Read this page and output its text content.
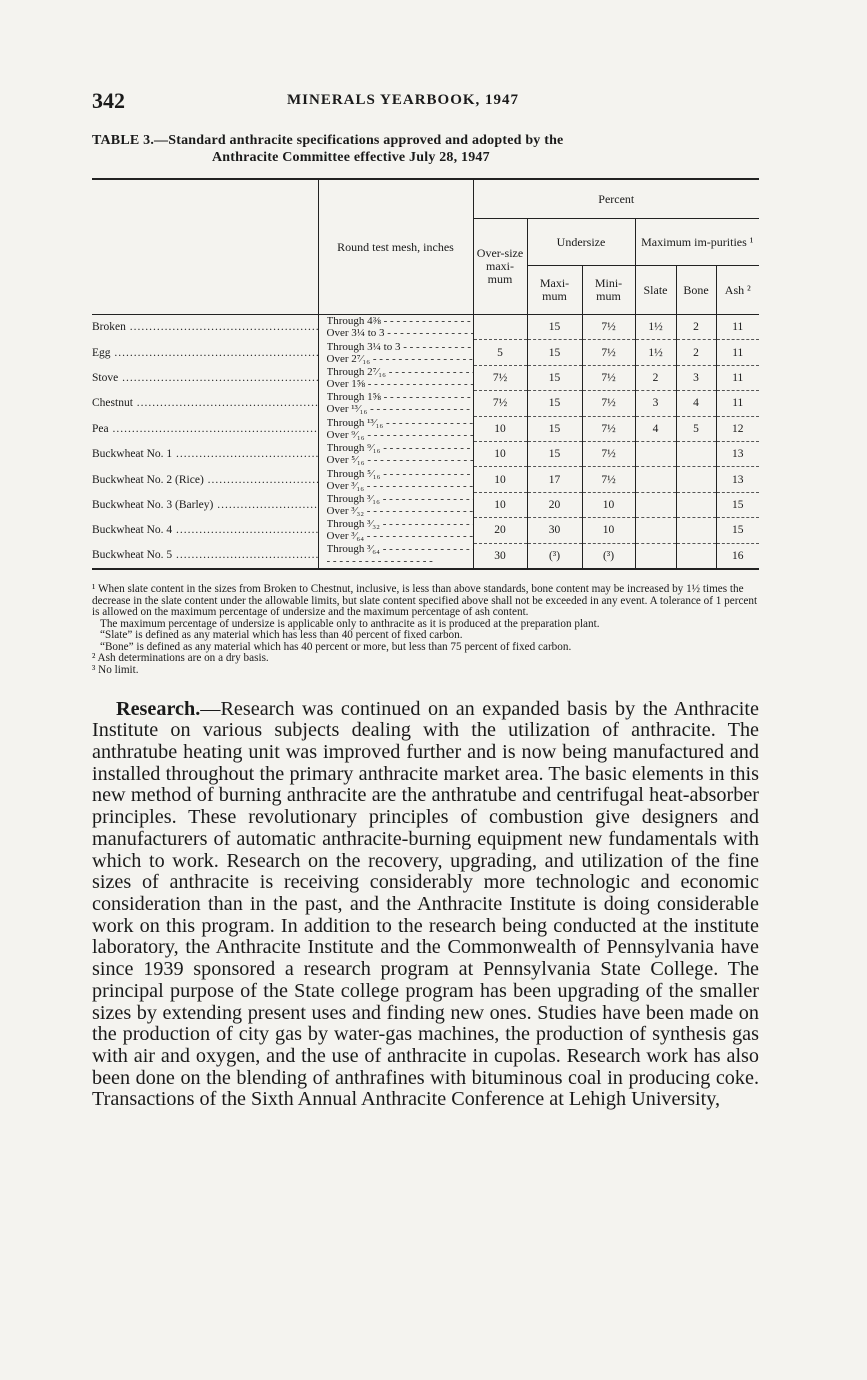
342	MINERALS YEARBOOK, 1947
TABLE 3.—Standard anthracite specifications approved and adopted by the
Anthracite Committee effective July 28, 1947
	Round test mesh, inches	Percent					
		Over-size maxi-mum	Undersize		Maximum im-purities ¹		
			Maxi-mum	Mini-mum	Slate	Bone	Ash ²
Broken .....	Through 4⅜ - - -
Over 3¼ to 3 - - -		15	7½	1½	2	11
Egg .....	Through 3¼ to 3 - - -
Over 2⁷⁄₁₆ - - -	5	15	7½	1½	2	11
Stove .....	Through 2⁷⁄₁₆ - - -
Over 1⅝ - - -	7½	15	7½	2	3	11
Chestnut .....	Through 1⅝ - - -
Over ¹³⁄₁₆ - - -	7½	15	7½	3	4	11
Pea .....	Through ¹³⁄₁₆ - - -
Over ⁹⁄₁₆ - - -	10	15	7½	4	5	12
Buckwheat No. 1 .....	Through ⁹⁄₁₆ - - -
Over ⁵⁄₁₆ - - -	10	15	7½			13
Buckwheat No. 2 (Rice) .....	Through ⁵⁄₁₆ - - -
Over ³⁄₁₆ - - -	10	17	7½			13
Buckwheat No. 3 (Barley) .....	Through ³⁄₁₆ - - -
Over ³⁄₃₂ - - -	10	20	10			15
Buckwheat No. 4 .....	Through ³⁄₃₂ - - -
Over ³⁄₆₄ - - -	20	30	10			15
Buckwheat No. 5 .....	Through ³⁄₆₄ - - -
- - -	30	(³)	(³)			16

¹ When slate content in the sizes from Broken to Chestnut, inclusive, is less than above standards, bone content may be increased by 1½ times the decrease in the slate content under the allowable limits, but slate content specified above shall not be exceeded in any event. A tolerance of 1 percent is allowed on the maximum percentage of undersize and the maximum percentage of ash content.

The maximum percentage of undersize is applicable only to anthracite as it is produced at the preparation plant.

“Slate” is defined as any material which has less than 40 percent of fixed carbon.

“Bone” is defined as any material which has 40 percent or more, but less than 75 percent of fixed carbon.

² Ash determinations are on a dry basis.

³ No limit.

Research.—Research was continued on an expanded basis by the Anthracite Institute on various subjects dealing with the utilization of anthracite. The anthratube heating unit was improved further and is now being manufactured and installed throughout the primary anthracite market area. The basic elements in this new method of burning anthracite are the anthratube and centrifugal heat-absorber principles. These revolutionary principles of combustion give designers and manufacturers of automatic anthracite-burning equipment new fundamentals with which to work. Research on the recovery, upgrading, and utilization of the fine sizes of anthracite is receiving considerably more technologic and economic consideration than in the past, and the Anthracite Institute is doing considerable work on this program. In addition to the research being conducted at the institute laboratory, the Anthracite Institute and the Commonwealth of Pennsylvania have since 1939 sponsored a research program at Pennsylvania State College. The principal purpose of the State college program has been upgrading of the smaller sizes by extending present uses and finding new ones. Studies have been made on the production of city gas by water-gas machines, the production of synthesis gas with air and oxygen, and the use of anthracite in cupolas. Research work has also been done on the blending of anthrafines with bituminous coal in producing coke. Transactions of the Sixth Annual Anthracite Conference at Lehigh University,
